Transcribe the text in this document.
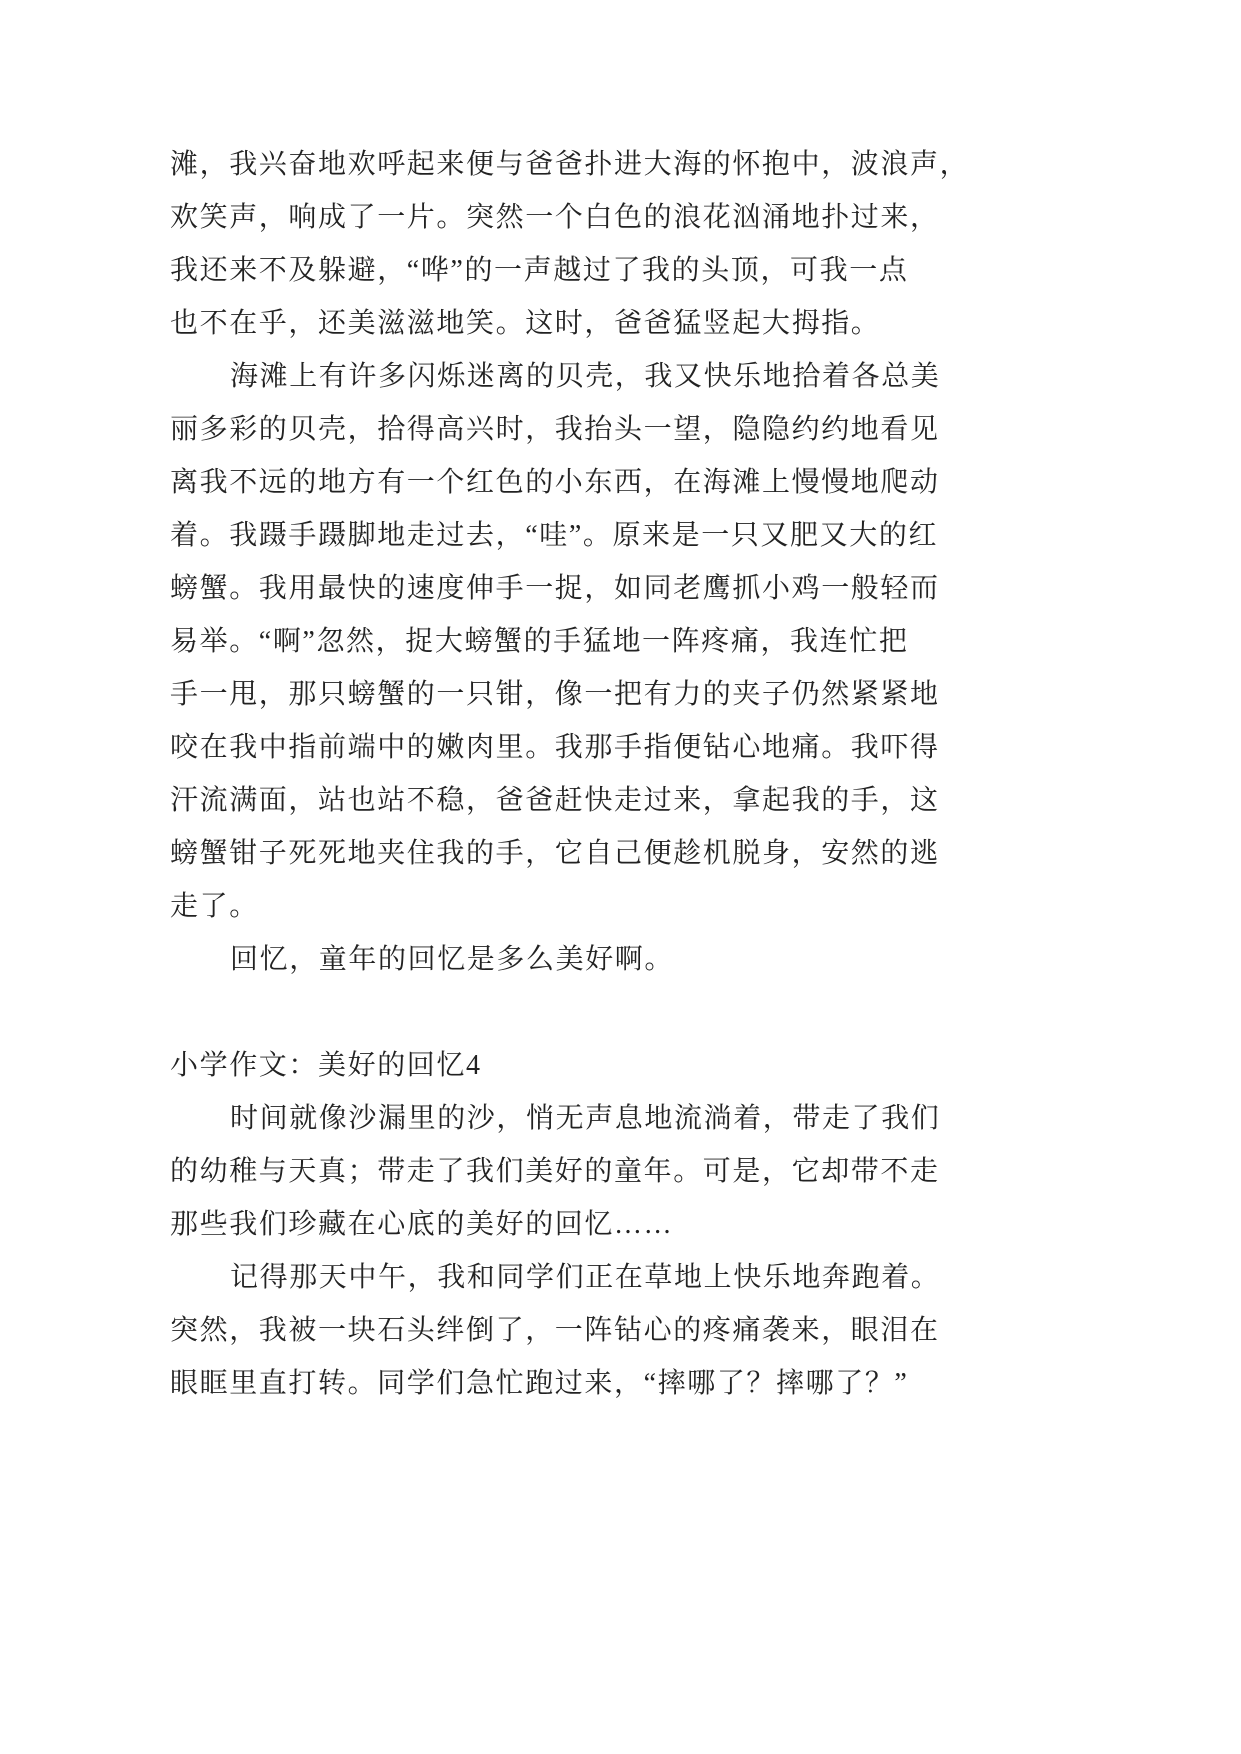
滩，我兴奋地欢呼起来便与爸爸扑进大海的怀抱中，波浪声，
欢笑声，响成了一片。突然一个白色的浪花汹涌地扑过来，
我还来不及躲避，“哗”的一声越过了我的头顶，可我一点
也不在乎，还美滋滋地笑。这时，爸爸猛竖起大拇指。
海滩上有许多闪烁迷离的贝壳，我又快乐地拾着各总美
丽多彩的贝壳，拾得高兴时，我抬头一望，隐隐约约地看见
离我不远的地方有一个红色的小东西，在海滩上慢慢地爬动
着。我蹑手蹑脚地走过去，“哇”。原来是一只又肥又大的红
螃蟹。我用最快的速度伸手一捉，如同老鹰抓小鸡一般轻而
易举。“啊”忽然，捉大螃蟹的手猛地一阵疼痛，我连忙把
手一甩，那只螃蟹的一只钳，像一把有力的夹子仍然紧紧地
咬在我中指前端中的嫩肉里。我那手指便钻心地痛。我吓得
汗流满面，站也站不稳，爸爸赶快走过来，拿起我的手，这
螃蟹钳子死死地夹住我的手，它自己便趁机脱身，安然的逃
走了。
回忆，童年的回忆是多么美好啊。
小学作文：美好的回忆4
时间就像沙漏里的沙，悄无声息地流淌着，带走了我们
的幼稚与天真；带走了我们美好的童年。可是，它却带不走
那些我们珍藏在心底的美好的回忆……
记得那天中午，我和同学们正在草地上快乐地奔跑着。
突然，我被一块石头绊倒了，一阵钻心的疼痛袭来，眼泪在
眼眶里直打转。同学们急忙跑过来，“摔哪了？摔哪了？”
